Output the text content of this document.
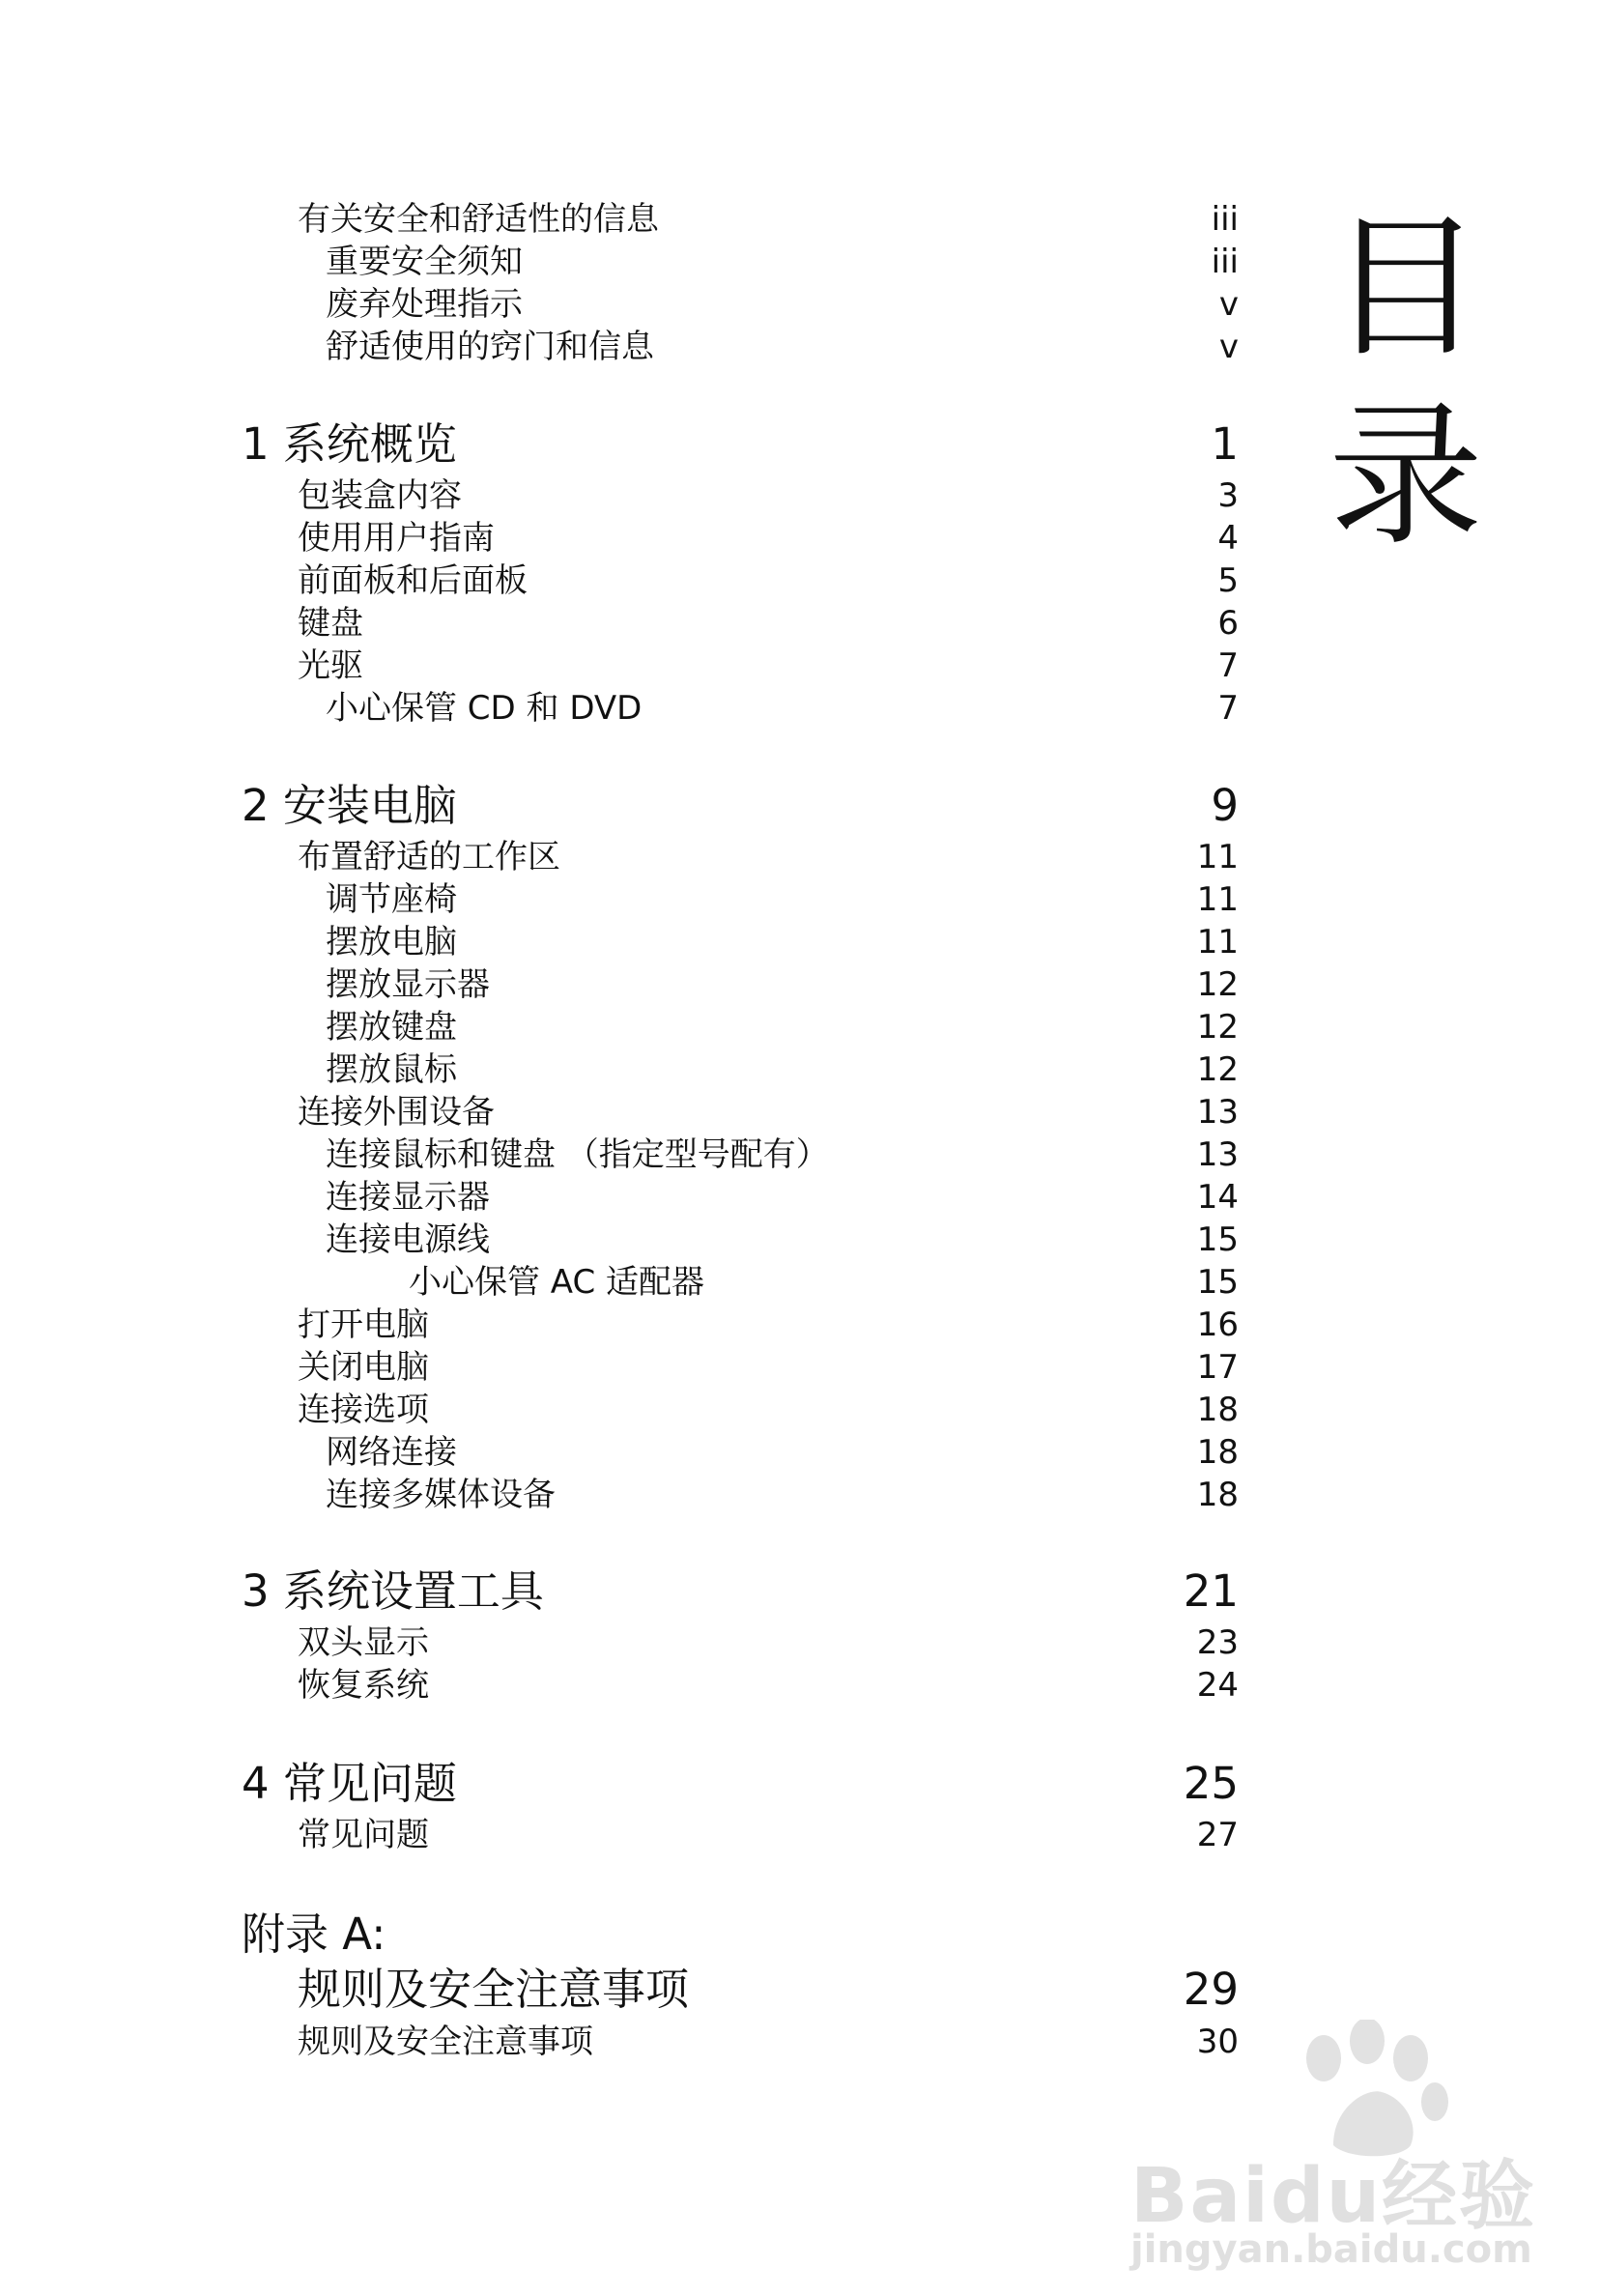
目
录
有关安全和舒适性的信息	iii
重要安全须知	iii
废弃处理指示	v
舒适使用的窍门和信息	v
1 系统概览	1
包装盒内容	3
使用用户指南	4
前面板和后面板	5
键盘	6
光驱	7
小心保管 CD 和 DVD	7
2 安装电脑	9
布置舒适的工作区	11
调节座椅	11
摆放电脑	11
摆放显示器	12
摆放键盘	12
摆放鼠标	12
连接外围设备	13
连接鼠标和键盘 （指定型号配有）	13
连接显示器	14
连接电源线	15
小心保管 AC 适配器	15
打开电脑	16
关闭电脑	17
连接选项	18
网络连接	18
连接多媒体设备	18
3 系统设置工具	21
双头显示	23
恢复系统	24
4 常见问题	25
常见问题	27
附录 A:
规则及安全注意事项	29
规则及安全注意事项	30
Baidu经验
jingyan.baidu.com
